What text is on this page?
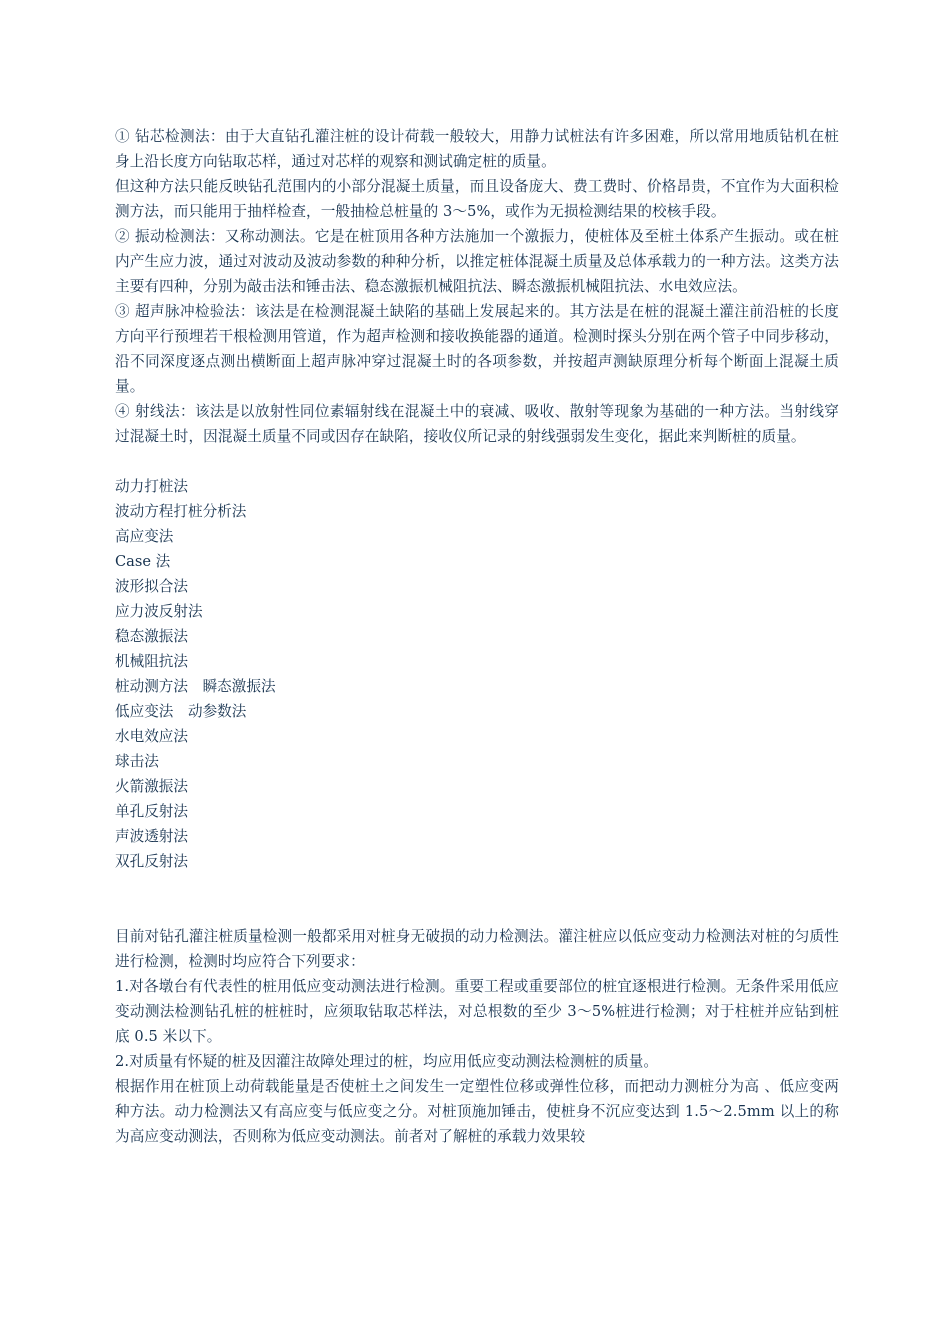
① 钻芯检测法：由于大直钻孔灌注桩的设计荷载一般较大，用静力试桩法有许多困难，所以常用地质钻机在桩身上沿长度方向钻取芯样，通过对芯样的观察和测试确定桩的质量。

但这种方法只能反映钻孔范围内的小部分混凝土质量，而且设备庞大、费工费时、价格昂贵，不宜作为大面积检测方法，而只能用于抽样检查，一般抽检总桩量的 3～5%，或作为无损检测结果的校核手段。

② 振动检测法：又称动测法。它是在桩顶用各种方法施加一个激振力，使桩体及至桩土体系产生振动。或在桩内产生应力波，通过对波动及波动参数的种种分析，以推定桩体混凝土质量及总体承载力的一种方法。这类方法主要有四种，分别为敲击法和锤击法、稳态激振机械阻抗法、瞬态激振机械阻抗法、水电效应法。

③ 超声脉冲检验法：该法是在检测混凝土缺陷的基础上发展起来的。其方法是在桩的混凝土灌注前沿桩的长度方向平行预埋若干根检测用管道，作为超声检测和接收换能器的通道。检测时探头分别在两个管子中同步移动，沿不同深度逐点测出横断面上超声脉冲穿过混凝土时的各项参数，并按超声测缺原理分析每个断面上混凝土质量。

④ 射线法：该法是以放射性同位素辐射线在混凝土中的衰减、吸收、散射等现象为基础的一种方法。当射线穿过混凝土时，因混凝土质量不同或因存在缺陷，接收仪所记录的射线强弱发生变化，据此来判断桩的质量。

动力打桩法
波动方程打桩分析法
高应变法
Case 法
波形拟合法
应力波反射法
稳态激振法
机械阻抗法
桩动测方法　瞬态激振法
低应变法　动参数法
水电效应法
球击法
火箭激振法
单孔反射法
声波透射法
双孔反射法

目前对钻孔灌注桩质量检测一般都采用对桩身无破损的动力检测法。灌注桩应以低应变动力检测法对桩的匀质性进行检测，检测时均应符合下列要求：

1.对各墩台有代表性的桩用低应变动测法进行检测。重要工程或重要部位的桩宜逐根进行检测。无条件采用低应变动测法检测钻孔桩的桩桩时，应须取钻取芯样法，对总根数的至少 3～5%桩进行检测；对于柱桩并应钻到桩底 0.5 米以下。

2.对质量有怀疑的桩及因灌注故障处理过的桩，均应用低应变动测法检测桩的质量。

根据作用在桩顶上动荷载能量是否使桩土之间发生一定塑性位移或弹性位移，而把动力测桩分为高 、低应变两种方法。动力检测法又有高应变与低应变之分。对桩顶施加锤击，使桩身不沉应变达到 1.5～2.5mm 以上的称为高应变动测法，否则称为低应变动测法。前者对了解桩的承载力效果较
